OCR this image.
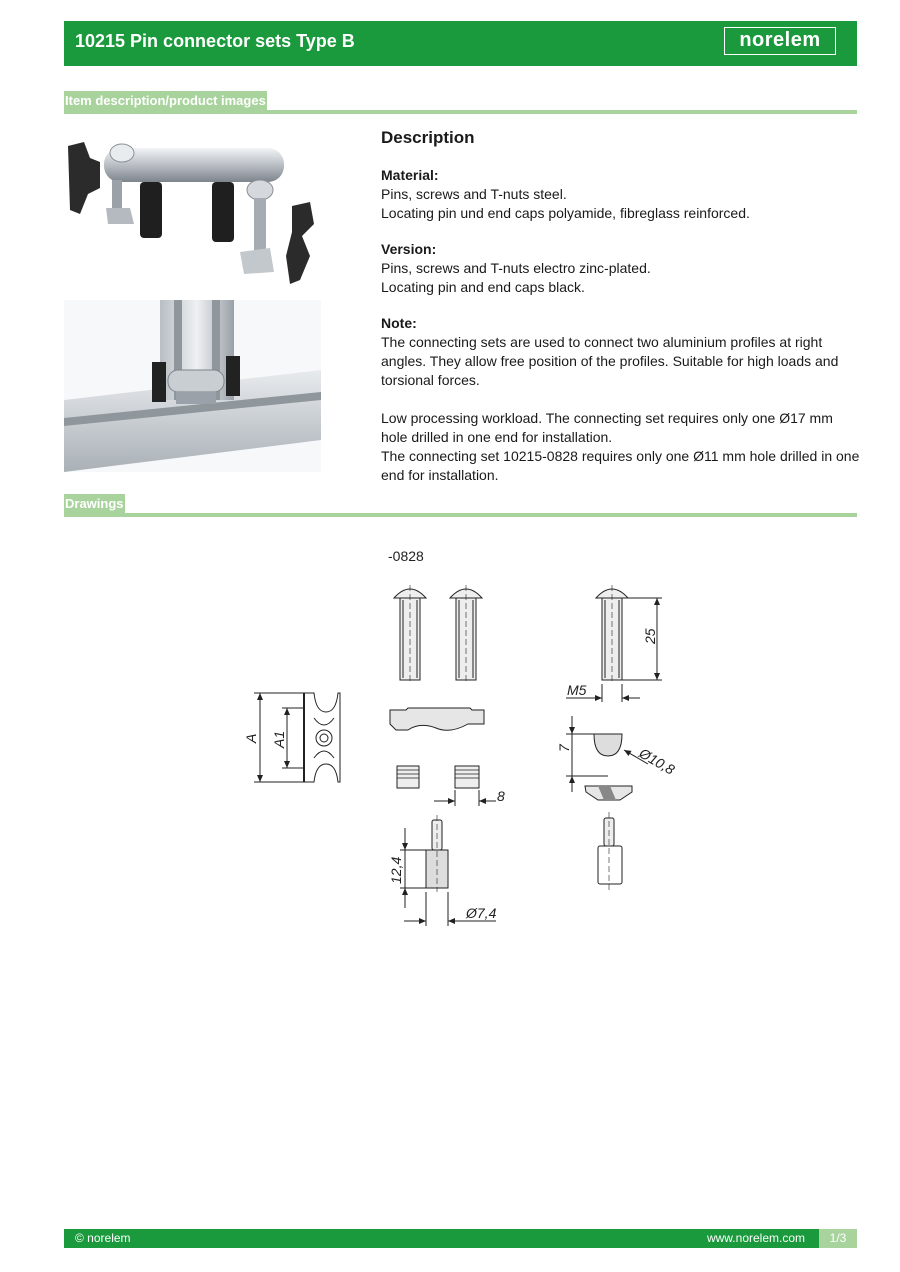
10215 Pin connector sets Type B	norelem
Item description/product images
Description
Material:
Pins, screws and T-nuts steel.
Locating pin und end caps polyamide, fibreglass reinforced.
Version:
Pins, screws and T-nuts electro zinc-plated.
Locating pin and end caps black.
Note:

The connecting sets are used to connect two aluminium profiles at right angles. They allow free position of the profiles. Suitable for high loads and torsional forces.

Low processing workload. The connecting set requires only one Ø17 mm hole drilled in one end for installation.

The connecting set 10215-0828 requires only one Ø11 mm hole drilled in one end for installation.

Drawings
-0828
25
M5
A A1
7	Ø10,8
8
12,4
Ø7,4
© norelem	www.norelem.com	1/3
